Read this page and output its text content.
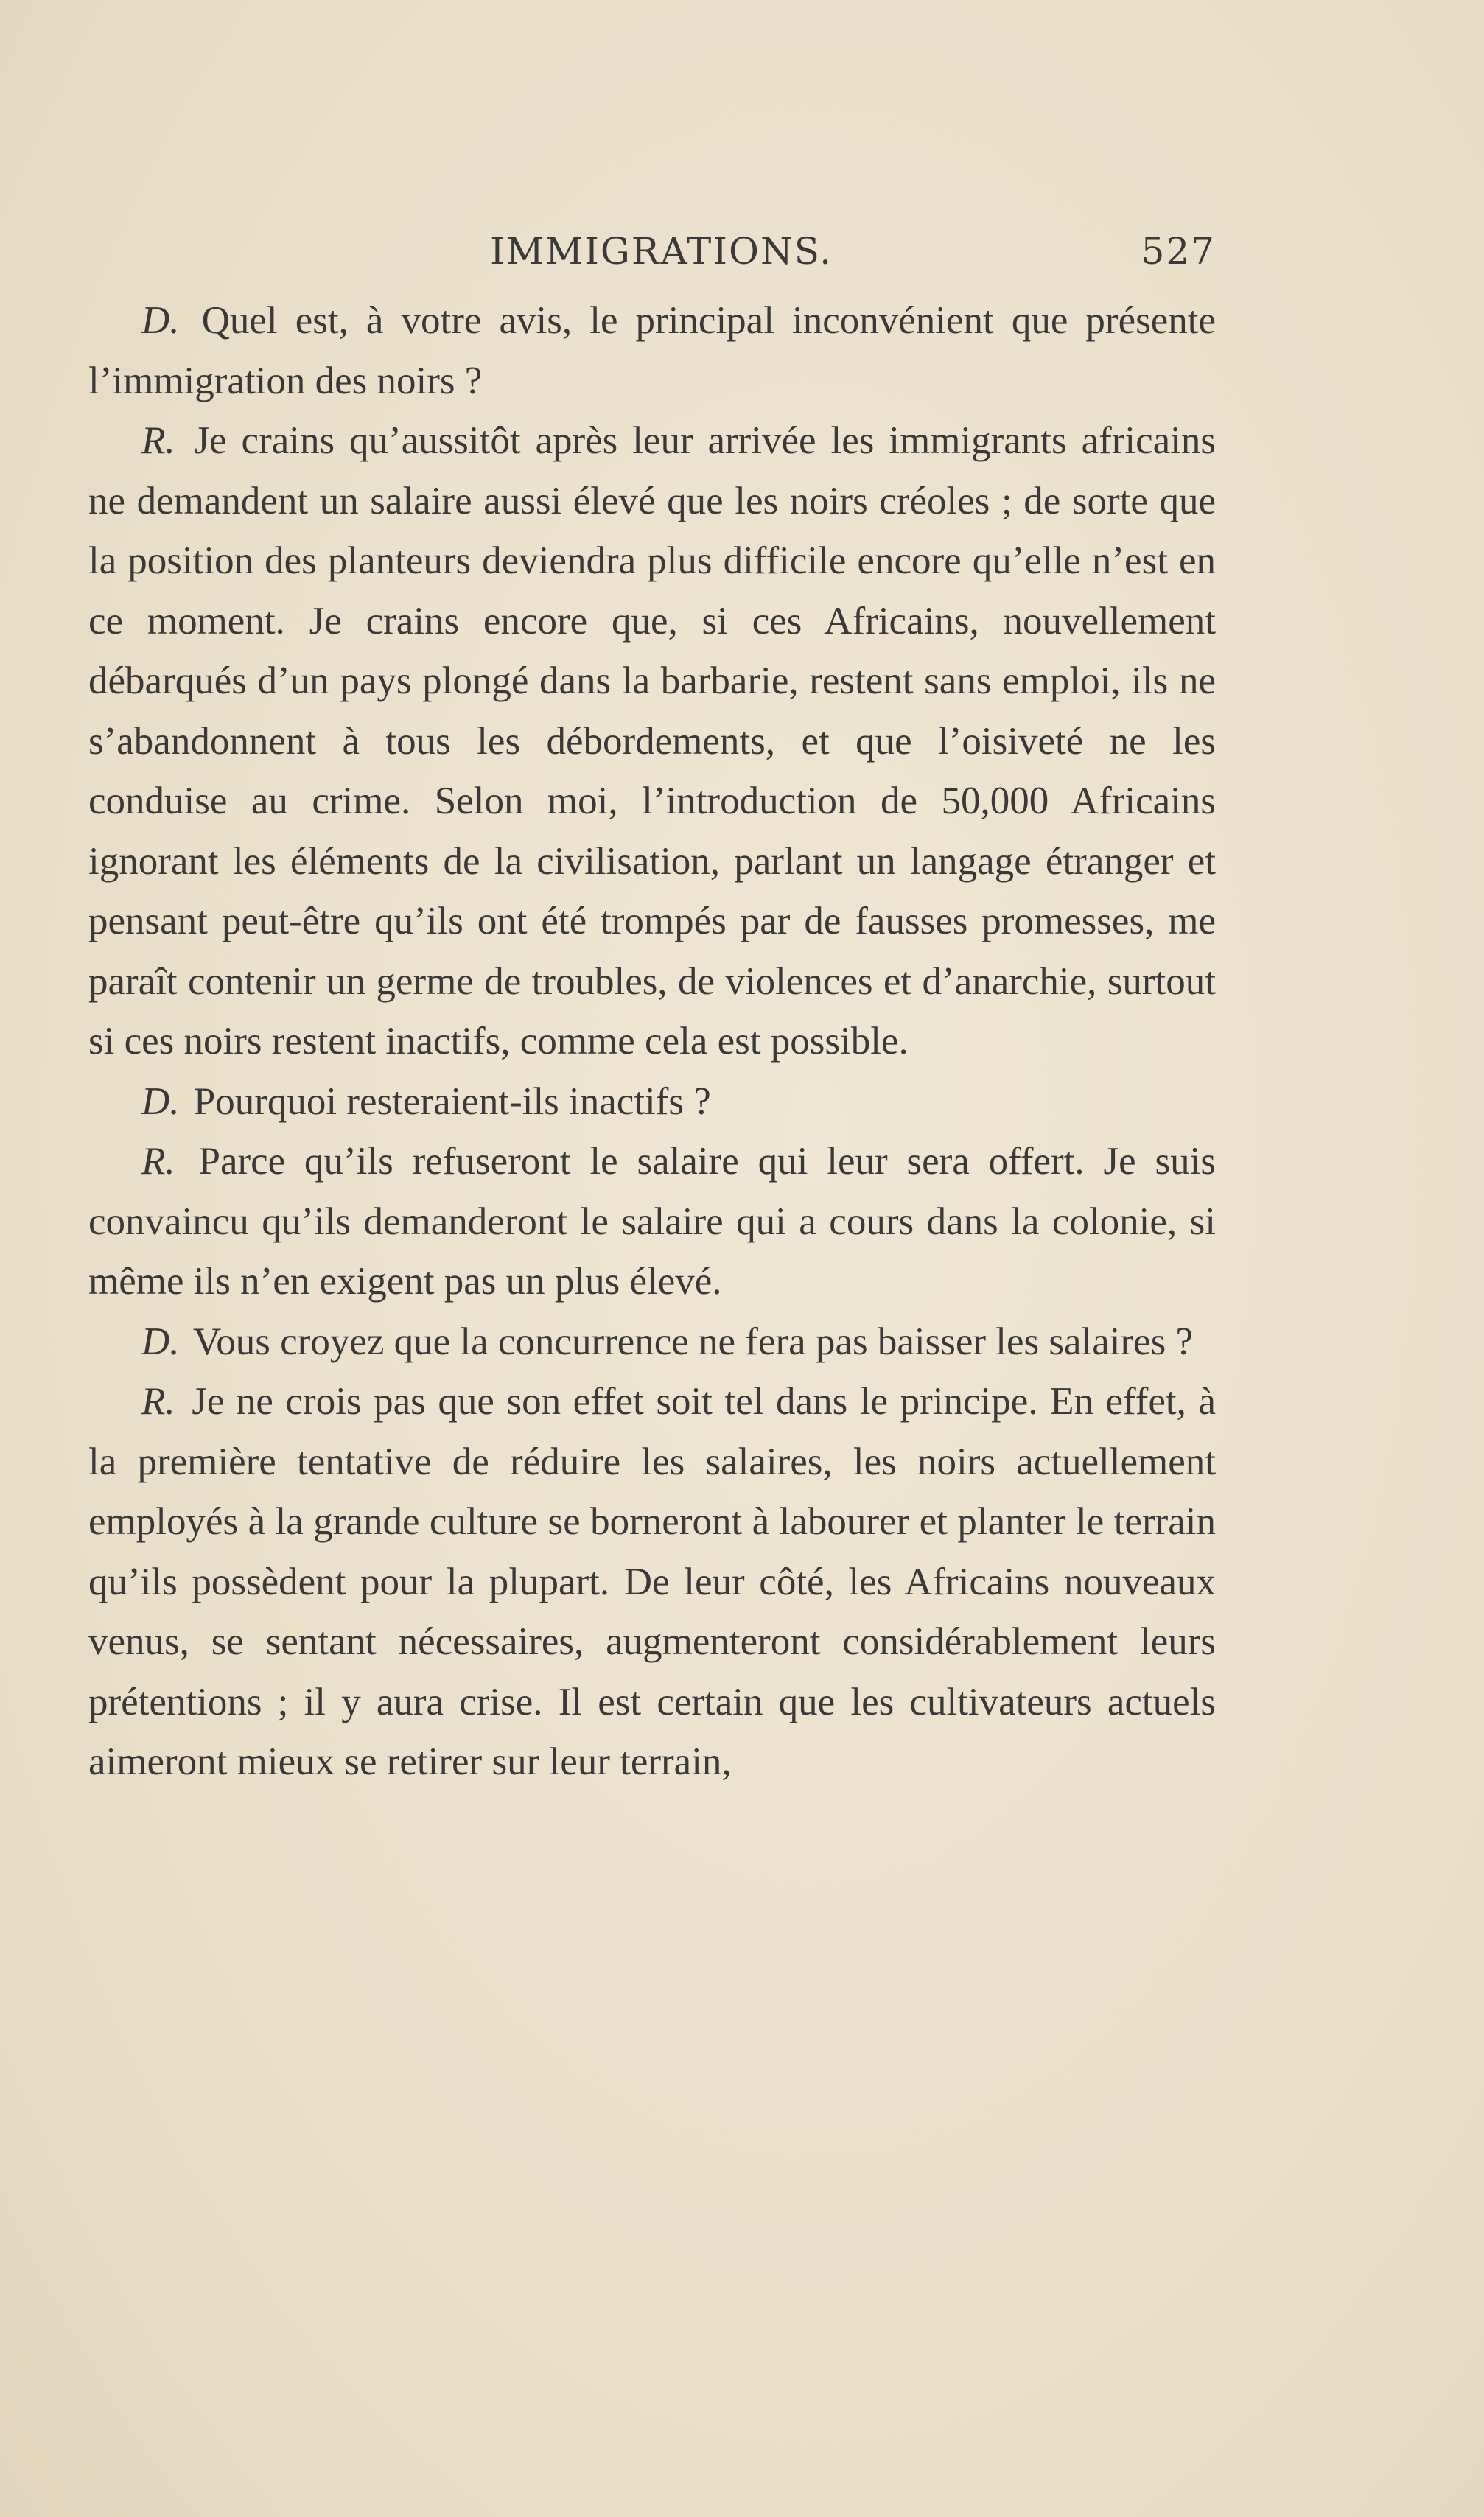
IMMIGRATIONS.	527

D. Quel est, à votre avis, le principal inconvénient que présente l’immigration des noirs ?

R. Je crains qu’aussitôt après leur arrivée les immigrants africains ne demandent un salaire aussi élevé que les noirs créoles ; de sorte que la position des planteurs deviendra plus difficile encore qu’elle n’est en ce moment. Je crains encore que, si ces Africains, nouvellement débarqués d’un pays plongé dans la barbarie, restent sans emploi, ils ne s’abandonnent à tous les débordements, et que l’oisiveté ne les conduise au crime. Selon moi, l’introduction de 50,000 Africains ignorant les éléments de la civilisation, parlant un langage étranger et pensant peut-être qu’ils ont été trompés par de fausses promesses, me paraît contenir un germe de troubles, de violences et d’anarchie, surtout si ces noirs restent inactifs, comme cela est possible.

D. Pourquoi resteraient-ils inactifs ?

R. Parce qu’ils refuseront le salaire qui leur sera offert. Je suis convaincu qu’ils demanderont le salaire qui a cours dans la colonie, si même ils n’en exigent pas un plus élevé.

D. Vous croyez que la concurrence ne fera pas baisser les salaires ?

R. Je ne crois pas que son effet soit tel dans le principe. En effet, à la première tentative de réduire les salaires, les noirs actuellement employés à la grande culture se borneront à labourer et planter le terrain qu’ils possèdent pour la plupart. De leur côté, les Africains nouveaux venus, se sentant nécessaires, augmenteront considérablement leurs prétentions ; il y aura crise. Il est certain que les cultivateurs actuels aimeront mieux se retirer sur leur terrain,
